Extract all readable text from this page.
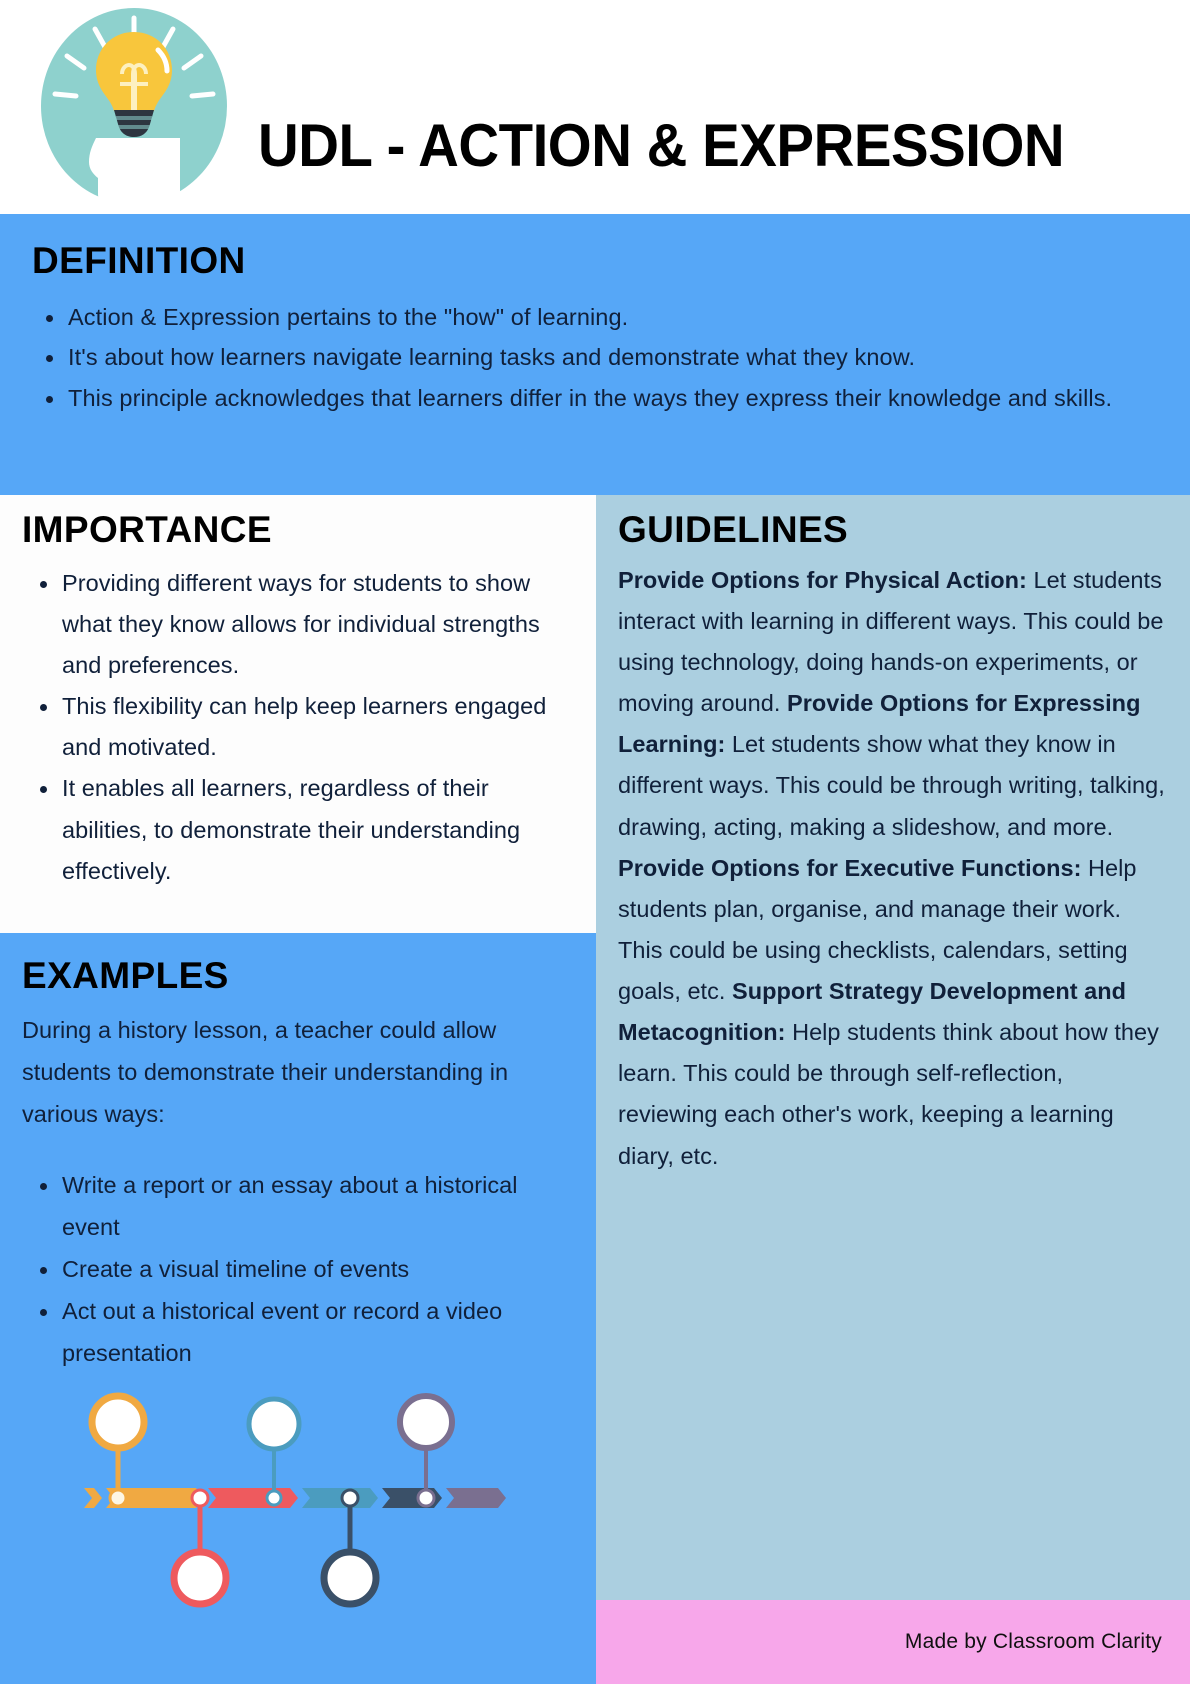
UDL - ACTION & EXPRESSION
DEFINITION
Action & Expression pertains to the "how" of learning.
It's about how learners navigate learning tasks and demonstrate what they know.
This principle acknowledges that learners differ in the ways they express their knowledge and skills.
IMPORTANCE
Providing different ways for students to show what they know allows for individual strengths and preferences.
This flexibility can help keep learners engaged and motivated.
It enables all learners, regardless of their abilities, to demonstrate their understanding effectively.
GUIDELINES

Provide Options for Physical Action: Let students interact with learning in different ways. This could be using technology, doing hands-on experiments, or moving around. Provide Options for Expressing Learning: Let students show what they know in different ways. This could be through writing, talking, drawing, acting, making a slideshow, and more. Provide Options for Executive Functions: Help students plan, organise, and manage their work. This could be using checklists, calendars, setting goals, etc. Support Strategy Development and Metacognition: Help students think about how they learn. This could be through self-reflection, reviewing each other's work, keeping a learning diary, etc.

EXAMPLES

During a history lesson, a teacher could allow students to demonstrate their understanding in various ways:

Write a report or an essay about a historical event
Create a visual timeline of events
Act out a historical event or record a video presentation
Made by Classroom Clarity
